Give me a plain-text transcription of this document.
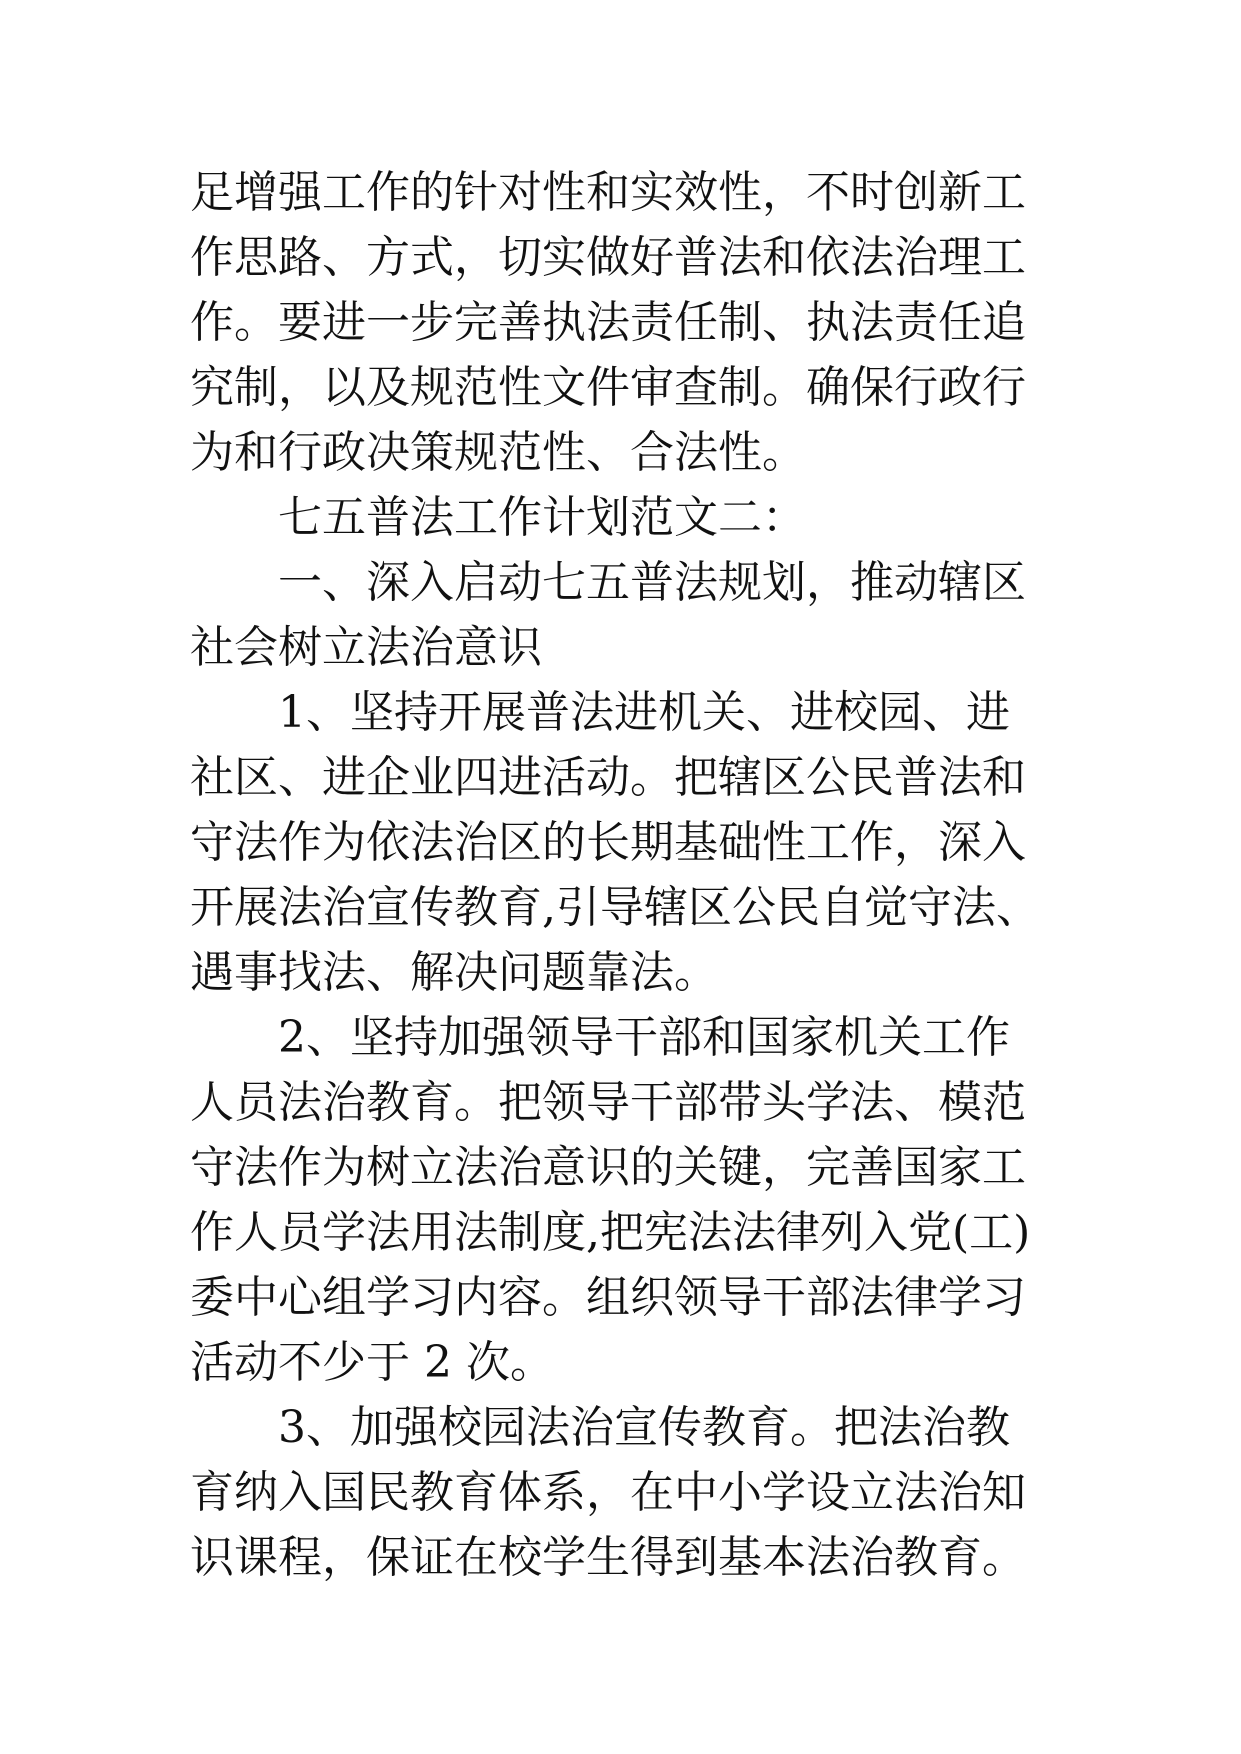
足增强工作的针对性和实效性，不时创新工
作思路、方式，切实做好普法和依法治理工
作。要进一步完善执法责任制、执法责任追
究制，以及规范性文件审查制。确保行政行
为和行政决策规范性、合法性。

七五普法工作计划范文二：

一、深入启动七五普法规划，推动辖区
社会树立法治意识

1、坚持开展普法进机关、进校园、进
社区、进企业四进活动。把辖区公民普法和
守法作为依法治区的长期基础性工作，深入
开展法治宣传教育,引导辖区公民自觉守法、
遇事找法、解决问题靠法。

2、坚持加强领导干部和国家机关工作
人员法治教育。把领导干部带头学法、模范
守法作为树立法治意识的关键，完善国家工
作人员学法用法制度,把宪法法律列入党(工)
委中心组学习内容。组织领导干部法律学习
活动不少于 2 次。

3、加强校园法治宣传教育。把法治教
育纳入国民教育体系，在中小学设立法治知
识课程，保证在校学生得到基本法治教育。
